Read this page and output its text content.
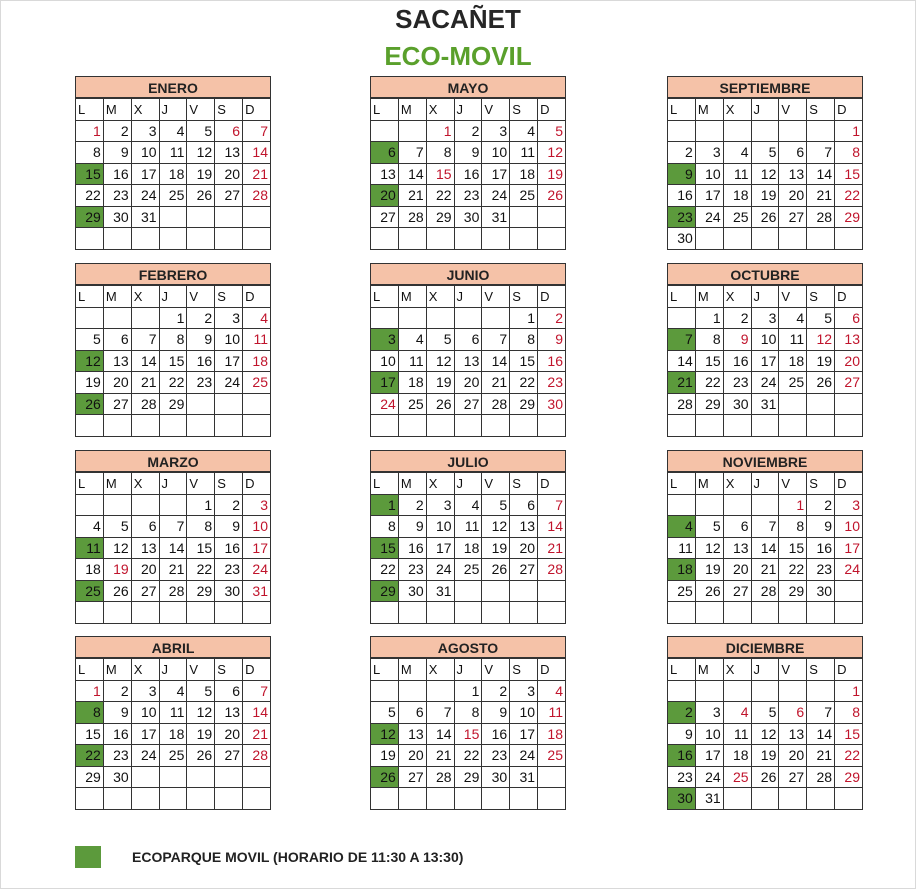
SACAÑET
ECO-MOVIL
ENERO
L	M	X	J	V	S	D
1	2	3	4	5	6	7
8	9	10	11	12	13	14
15	16	17	18	19	20	21
22	23	24	25	26	27	28
29	30	31				

FEBRERO
L	M	X	J	V	S	D
			1	2	3	4
5	6	7	8	9	10	11
12	13	14	15	16	17	18
19	20	21	22	23	24	25
26	27	28	29			

MARZO
L	M	X	J	V	S	D
				1	2	3
4	5	6	7	8	9	10
11	12	13	14	15	16	17
18	19	20	21	22	23	24
25	26	27	28	29	30	31

ABRIL
L	M	X	J	V	S	D
1	2	3	4	5	6	7
8	9	10	11	12	13	14
15	16	17	18	19	20	21
22	23	24	25	26	27	28
29	30					

MAYO
L	M	X	J	V	S	D
		1	2	3	4	5
6	7	8	9	10	11	12
13	14	15	16	17	18	19
20	21	22	23	24	25	26
27	28	29	30	31		

JUNIO
L	M	X	J	V	S	D
					1	2
3	4	5	6	7	8	9
10	11	12	13	14	15	16
17	18	19	20	21	22	23
24	25	26	27	28	29	30

JULIO
L	M	X	J	V	S	D
1	2	3	4	5	6	7
8	9	10	11	12	13	14
15	16	17	18	19	20	21
22	23	24	25	26	27	28
29	30	31				

AGOSTO
L	M	X	J	V	S	D
			1	2	3	4
5	6	7	8	9	10	11
12	13	14	15	16	17	18
19	20	21	22	23	24	25
26	27	28	29	30	31	

SEPTIEMBRE
L	M	X	J	V	S	D
						1
2	3	4	5	6	7	8
9	10	11	12	13	14	15
16	17	18	19	20	21	22
23	24	25	26	27	28	29
30						
OCTUBRE
L	M	X	J	V	S	D
	1	2	3	4	5	6
7	8	9	10	11	12	13
14	15	16	17	18	19	20
21	22	23	24	25	26	27
28	29	30	31			

NOVIEMBRE
L	M	X	J	V	S	D
				1	2	3
4	5	6	7	8	9	10
11	12	13	14	15	16	17
18	19	20	21	22	23	24
25	26	27	28	29	30	

DICIEMBRE
L	M	X	J	V	S	D
						1
2	3	4	5	6	7	8
9	10	11	12	13	14	15
16	17	18	19	20	21	22
23	24	25	26	27	28	29
30	31					
ECOPARQUE MOVIL (HORARIO DE 11:30 A 13:30)
